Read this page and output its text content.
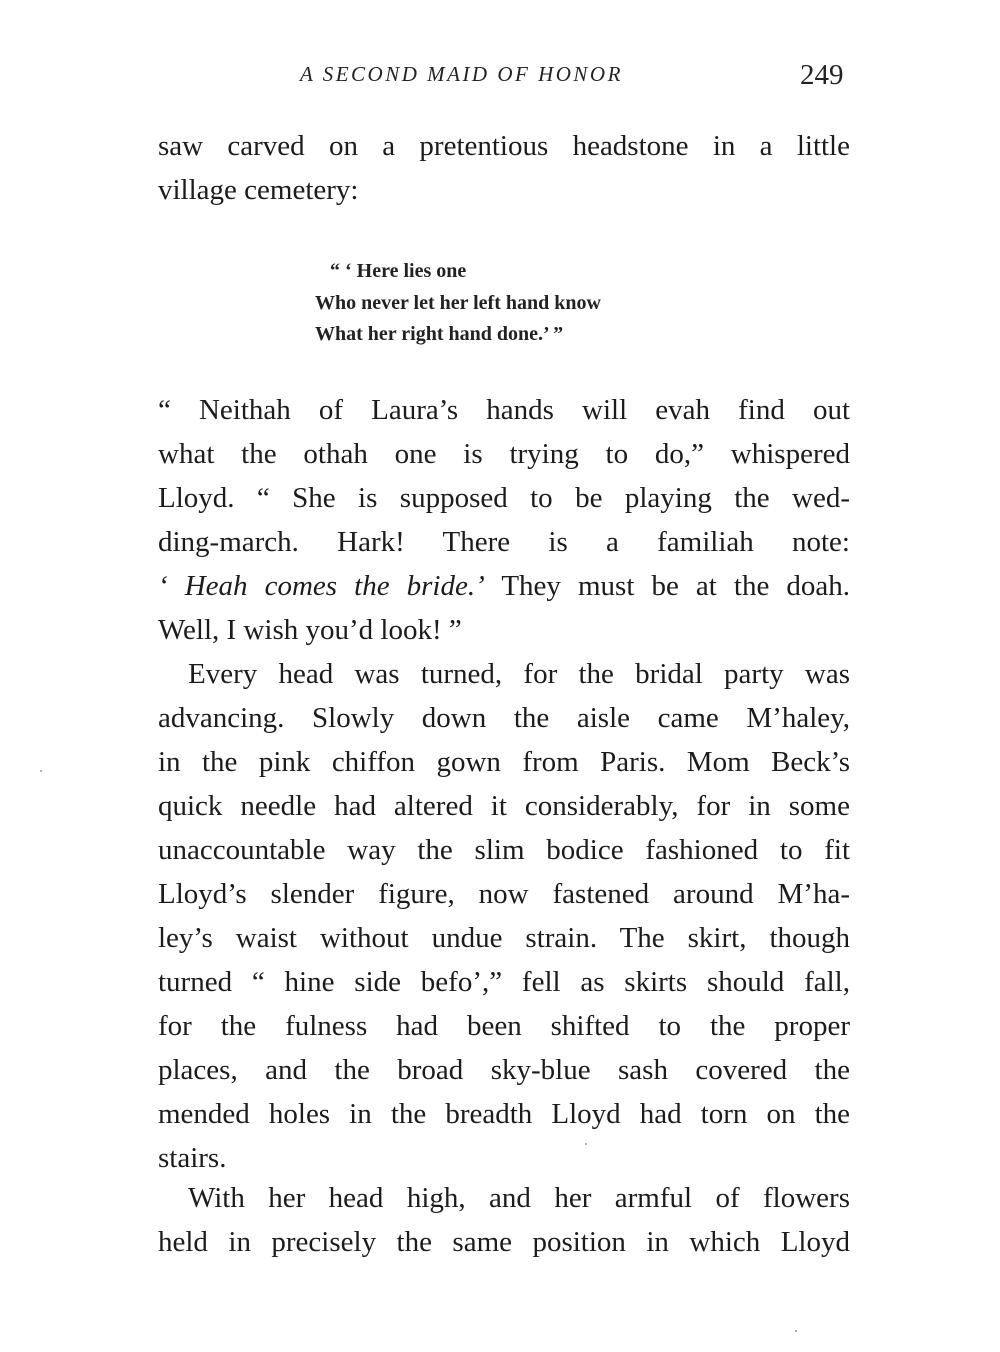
A SECOND MAID OF HONOR	249
saw carved on a pretentious headstone in a little
village cemetery:
“ ‘ Here lies one
Who never let her left hand know
What her right hand done.’ ”
“ Neithah of Laura’s hands will evah find out
what the othah one is trying to do,” whispered
Lloyd. “ She is supposed to be playing the wed-
ding-march. Hark! There is a familiah note:
‘ Heah comes the bride.’ They must be at the doah.
Well, I wish you’d look! ”
Every head was turned, for the bridal party was
advancing. Slowly down the aisle came M’haley,
in the pink chiffon gown from Paris. Mom Beck’s
quick needle had altered it considerably, for in some
unaccountable way the slim bodice fashioned to fit
Lloyd’s slender figure, now fastened around M’ha-
ley’s waist without undue strain. The skirt, though
turned “ hine side befo’,” fell as skirts should fall,
for the fulness had been shifted to the proper
places, and the broad sky-blue sash covered the
mended holes in the breadth Lloyd had torn on the
stairs.
With her head high, and her armful of flowers
held in precisely the same position in which Lloyd
